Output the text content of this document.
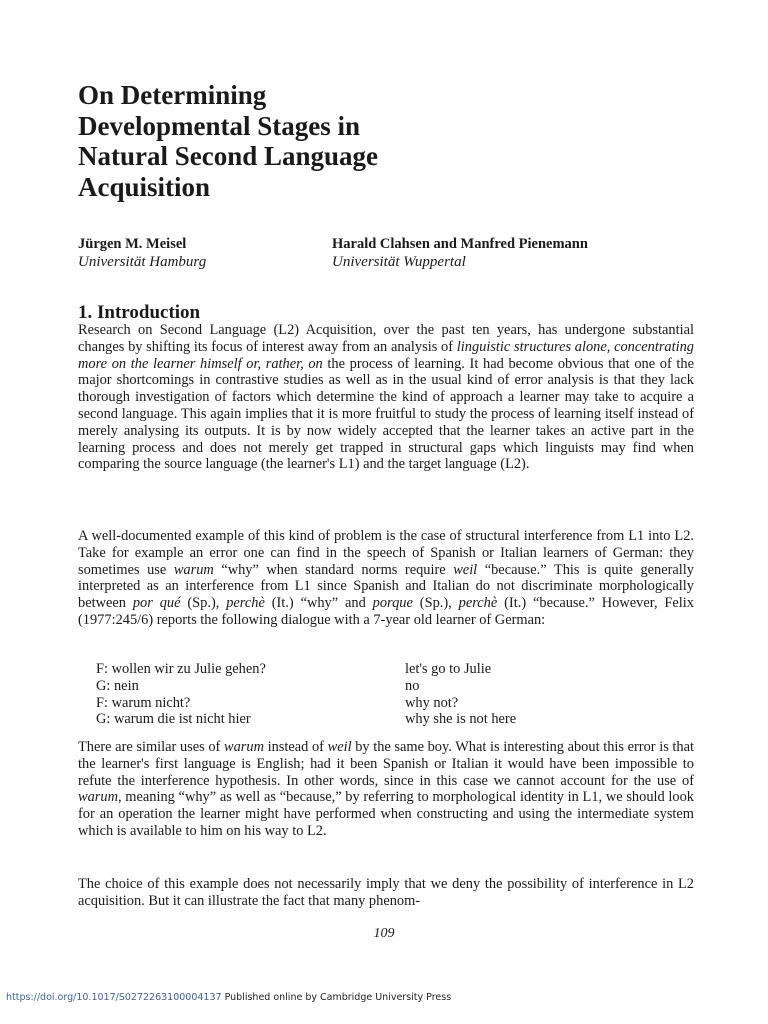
On Determining
Developmental Stages in
Natural Second Language
Acquisition
Jürgen M. Meisel
Universität Hamburg
Harald Clahsen and Manfred Pienemann
Universität Wuppertal
1. Introduction

Research on Second Language (L2) Acquisition, over the past ten years, has undergone substantial changes by shifting its focus of interest away from an analysis of linguistic structures alone, concentrating more on the learner himself or, rather, on the process of learning. It had become obvious that one of the major shortcomings in contrastive studies as well as in the usual kind of error analysis is that they lack thorough investigation of factors which determine the kind of approach a learner may take to acquire a second language. This again implies that it is more fruitful to study the process of learning itself instead of merely analysing its outputs. It is by now widely accepted that the learner takes an active part in the learning process and does not merely get trapped in structural gaps which linguists may find when comparing the source language (the learner's L1) and the target language (L2).

A well-documented example of this kind of problem is the case of structural interference from L1 into L2. Take for example an error one can find in the speech of Spanish or Italian learners of German: they sometimes use warum “why” when standard norms require weil “because.” This is quite generally interpreted as an interference from L1 since Spanish and Italian do not discriminate morphologically between por qué (Sp.), perchè (It.) “why” and porque (Sp.), perchè (It.) “because.” However, Felix (1977:245/6) reports the following dialogue with a 7-year old learner of German:

F: wollen wir zu Julie gehen?	let's go to Julie
G: nein	no
F: warum nicht?	why not?
G: warum die ist nicht hier	why she is not here

There are similar uses of warum instead of weil by the same boy. What is interesting about this error is that the learner's first language is English; had it been Spanish or Italian it would have been impossible to refute the interference hypothesis. In other words, since in this case we cannot account for the use of warum, meaning “why” as well as “because,” by referring to morphological identity in L1, we should look for an operation the learner might have performed when constructing and using the intermediate system which is available to him on his way to L2.

The choice of this example does not necessarily imply that we deny the possibility of interference in L2 acquisition. But it can illustrate the fact that many phenom-

109
https://doi.org/10.1017/S0272263100004137 Published online by Cambridge University Press
